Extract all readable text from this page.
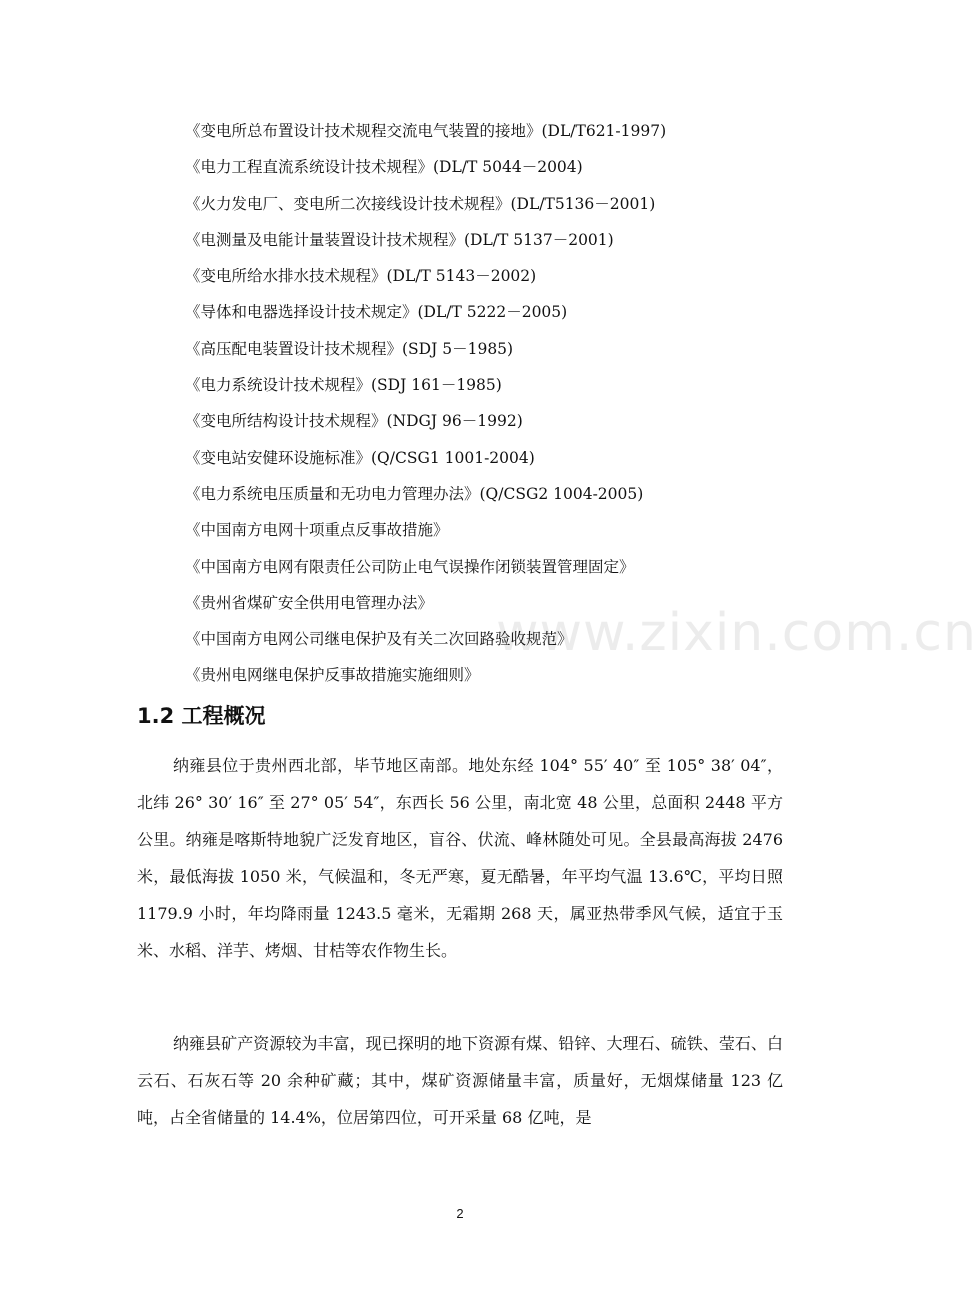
www.zixin.com.cn
《变电所总布置设计技术规程交流电气装置的接地》(DL/T621-1997)
《电力工程直流系统设计技术规程》(DL/T 5044－2004)
《火力发电厂、变电所二次接线设计技术规程》(DL/T5136－2001)
《电测量及电能计量装置设计技术规程》(DL/T 5137－2001)
《变电所给水排水技术规程》(DL/T 5143－2002)
《导体和电器选择设计技术规定》(DL/T 5222－2005)
《高压配电装置设计技术规程》(SDJ 5－1985)
《电力系统设计技术规程》(SDJ 161－1985)
《变电所结构设计技术规程》(NDGJ 96－1992)
《变电站安健环设施标准》(Q/CSG1 1001-2004)
《电力系统电压质量和无功电力管理办法》(Q/CSG2 1004-2005)
《中国南方电网十项重点反事故措施》
《中国南方电网有限责任公司防止电气误操作闭锁装置管理固定》
《贵州省煤矿安全供用电管理办法》
《中国南方电网公司继电保护及有关二次回路验收规范》
《贵州电网继电保护反事故措施实施细则》
1.2 工程概况

纳雍县位于贵州西北部，毕节地区南部。地处东经 104° 55′ 40″ 至 105° 38′ 04″，北纬 26° 30′ 16″ 至 27° 05′ 54″，东西长 56 公里，南北宽 48 公里，总面积 2448 平方公里。纳雍是喀斯特地貌广泛发育地区，盲谷、伏流、峰林随处可见。全县最高海拔 2476 米，最低海拔 1050 米，气候温和，冬无严寒，夏无酷暑，年平均气温 13.6℃，平均日照 1179.9 小时，年均降雨量 1243.5 毫米，无霜期 268 天，属亚热带季风气候，适宜于玉米、水稻、洋芋、烤烟、甘桔等农作物生长。

纳雍县矿产资源较为丰富，现已探明的地下资源有煤、铅锌、大理石、硫铁、莹石、白云石、石灰石等 20 余种矿藏；其中，煤矿资源储量丰富，质量好，无烟煤储量 123 亿吨，占全省储量的 14.4%，位居第四位，可开采量 68 亿吨，是

2
